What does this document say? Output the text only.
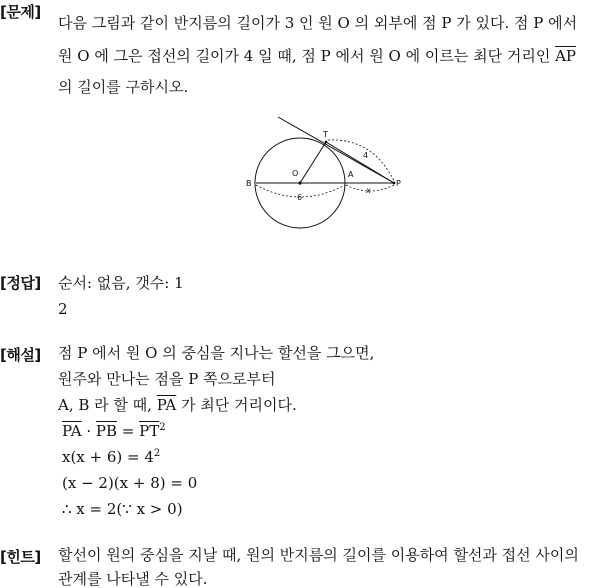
[문제]
다음 그림과 같이 반지름의 길이가 3 인 원 O 의 외부에 점 P 가 있다. 점 P 에서
원 O 에 그은 접선의 길이가 4 일 때, 점 P 에서 원 O 에 이르는 최단 거리인 $\overline{AP}$
의 길이를 구하시오.
T
O	A
B	P
4
6
x
[정답] 순서: 없음, 갯수: 1
2
[해설] 점 P 에서 원 O 의 중심을 지나는 할선을 그으면,
원주와 만나는 점을 P 쪽으로부터
A, B 라 할 때, $\overline{PA}$ 가 최단 거리이다.
$\overline{PA} \cdot \overline{PB} = \overline{PT}^2$
$x(x + 6) = 4^2$
(x − 2)(x + 8) = 0
∴ x = 2(∵ x > 0)
[힌트] 할선이 원의 중심을 지날 때, 원의 반지름의 길이를 이용하여 할선과 접선 사이의
관계를 나타낼 수 있다.
